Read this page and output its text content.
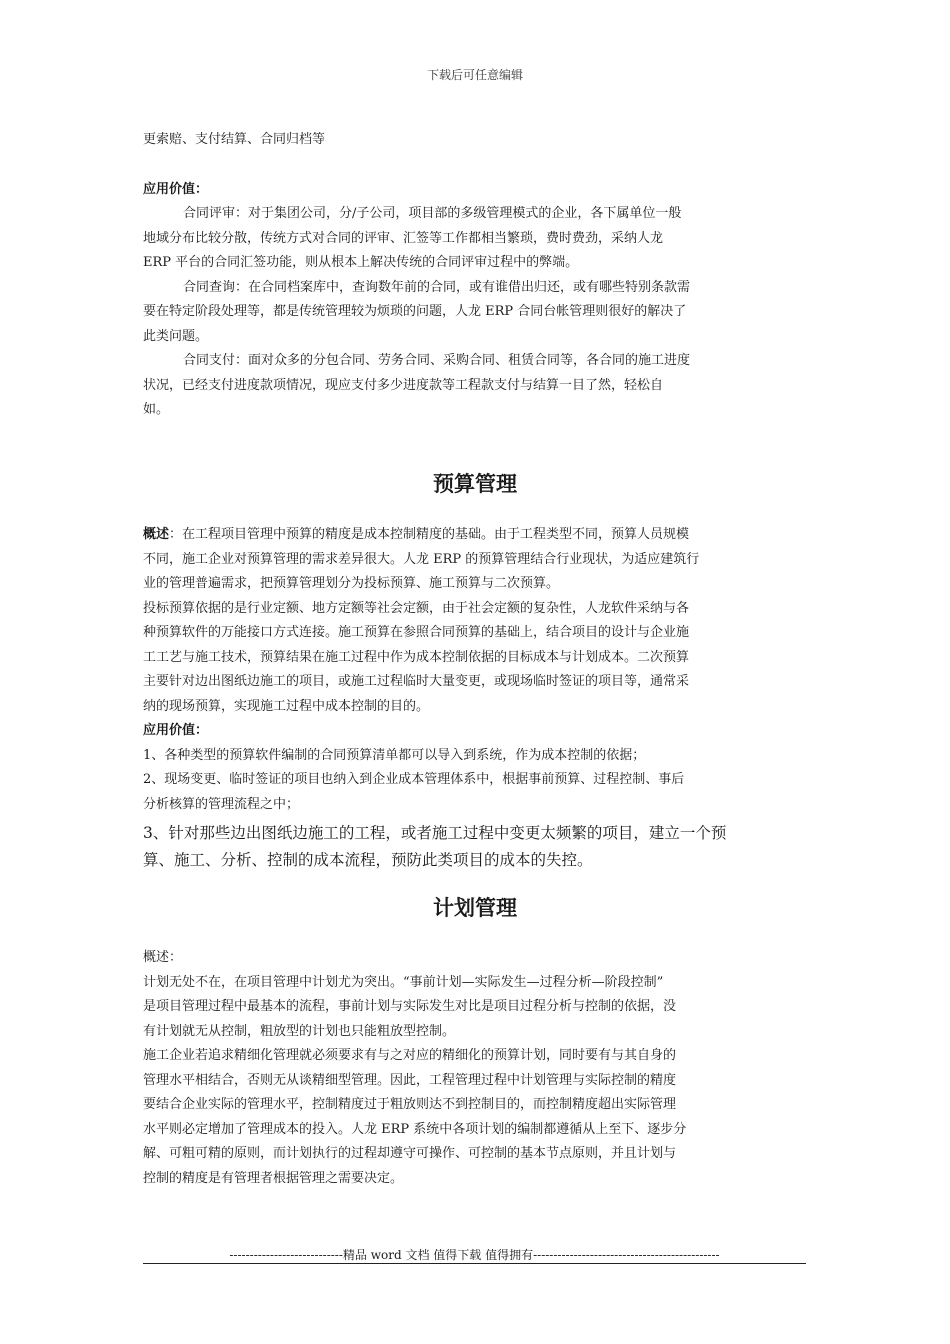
下载后可任意编辑
更索赔、支付结算、合同归档等
应用价值：
合同评审：对于集团公司，分/子公司，项目部的多级管理模式的企业，各下属单位一般
地域分布比较分散，传统方式对合同的评审、汇签等工作都相当繁琐，费时费劲，采纳人龙
ERP 平台的合同汇签功能，则从根本上解决传统的合同评审过程中的弊端。
合同查询：在合同档案库中，查询数年前的合同，或有谁借出归还，或有哪些特别条款需
要在特定阶段处理等，都是传统管理较为烦琐的问题，人龙 ERP 合同台帐管理则很好的解决了
此类问题。
合同支付：面对众多的分包合同、劳务合同、采购合同、租赁合同等，各合同的施工进度
状况，已经支付进度款项情况，现应支付多少进度款等工程款支付与结算一目了然，轻松自
如。
预算管理
概述：在工程项目管理中预算的精度是成本控制精度的基础。由于工程类型不同，预算人员规模
不同，施工企业对预算管理的需求差异很大。人龙 ERP 的预算管理结合行业现状，为适应建筑行
业的管理普遍需求，把预算管理划分为投标预算、施工预算与二次预算。
投标预算依据的是行业定额、地方定额等社会定额，由于社会定额的复杂性，人龙软件采纳与各
种预算软件的万能接口方式连接。施工预算在参照合同预算的基础上，结合项目的设计与企业施
工工艺与施工技术，预算结果在施工过程中作为成本控制依据的目标成本与计划成本。二次预算
主要针对边出图纸边施工的项目，或施工过程临时大量变更，或现场临时签证的项目等，通常采
纳的现场预算，实现施工过程中成本控制的目的。
应用价值：
1、各种类型的预算软件编制的合同预算清单都可以导入到系统，作为成本控制的依据；
2、现场变更、临时签证的项目也纳入到企业成本管理体系中，根据事前预算、过程控制、事后
分析核算的管理流程之中；
3、针对那些边出图纸边施工的工程，或者施工过程中变更太频繁的项目，建立一个预
算、施工、分析、控制的成本流程，预防此类项目的成本的失控。
计划管理
概述：
计划无处不在，在项目管理中计划尤为突出。“事前计划—实际发生—过程分析—阶段控制”
是项目管理过程中最基本的流程，事前计划与实际发生对比是项目过程分析与控制的依据，没
有计划就无从控制，粗放型的计划也只能粗放型控制。
施工企业若追求精细化管理就必须要求有与之对应的精细化的预算计划，同时要有与其自身的
管理水平相结合，否则无从谈精细型管理。因此，工程管理过程中计划管理与实际控制的精度
要结合企业实际的管理水平，控制精度过于粗放则达不到控制目的，而控制精度超出实际管理
水平则必定增加了管理成本的投入。人龙 ERP 系统中各项计划的编制都遵循从上至下、逐步分
解、可粗可精的原则，而计划执行的过程却遵守可操作、可控制的基本节点原则，并且计划与
控制的精度是有管理者根据管理之需要决定。
----------------------------精品 word 文档 值得下载 值得拥有----------------------------------------------
